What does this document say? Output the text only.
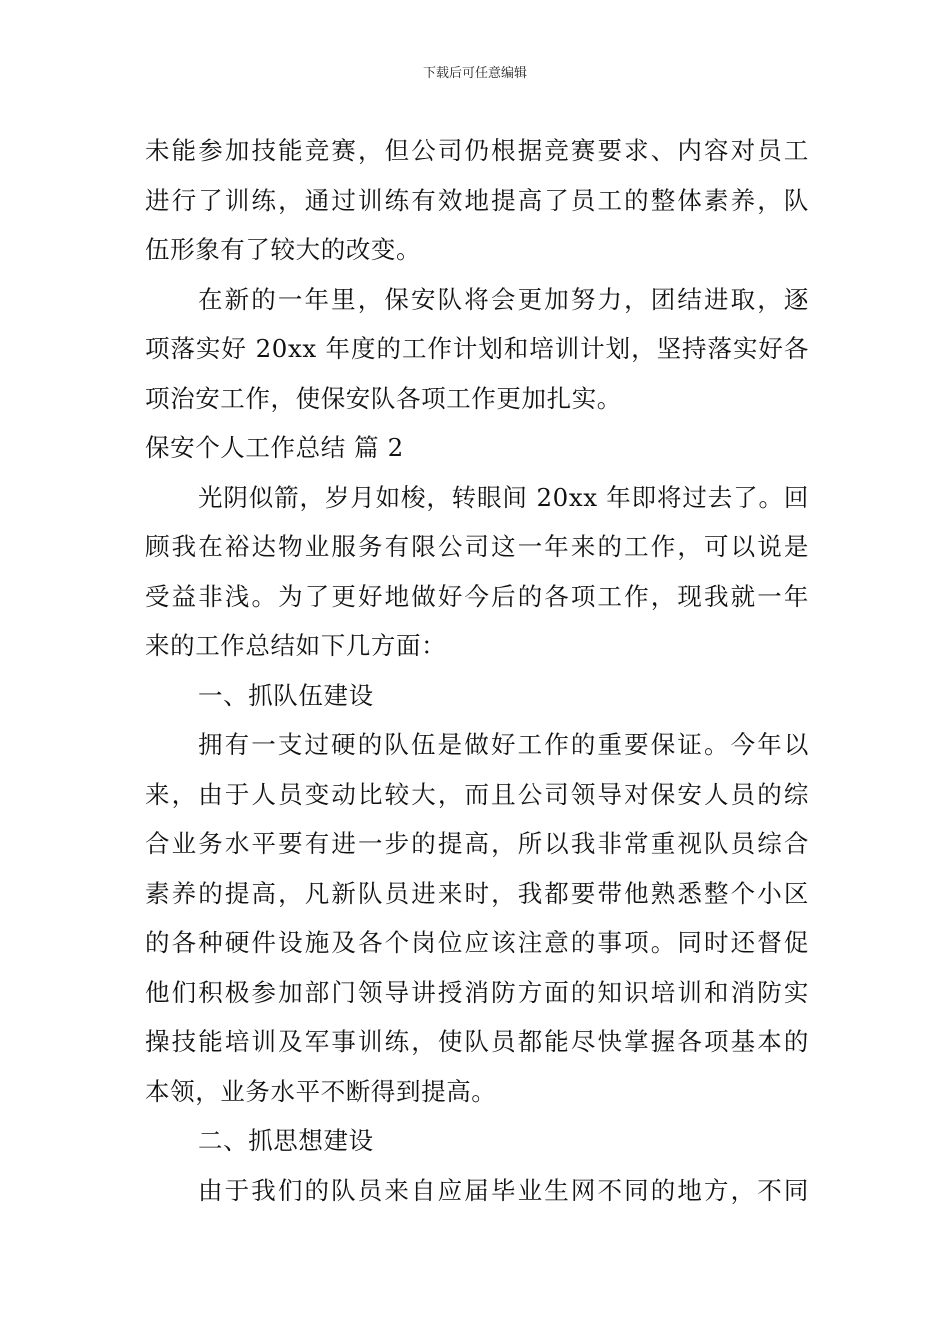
下载后可任意编辑

未能参加技能竞赛，但公司仍根据竞赛要求、内容对员工

进行了训练，通过训练有效地提高了员工的整体素养，队

伍形象有了较大的改变。

在新的一年里，保安队将会更加努力，团结进取，逐

项落实好 20xx 年度的工作计划和培训计划，坚持落实好各

项治安工作，使保安队各项工作更加扎实。

保安个人工作总结 篇 2

光阴似箭，岁月如梭，转眼间 20xx 年即将过去了。回

顾我在裕达物业服务有限公司这一年来的工作，可以说是

受益非浅。为了更好地做好今后的各项工作，现我就一年

来的工作总结如下几方面：

一、抓队伍建设

拥有一支过硬的队伍是做好工作的重要保证。今年以

来，由于人员变动比较大，而且公司领导对保安人员的综

合业务水平要有进一步的提高，所以我非常重视队员综合

素养的提高，凡新队员进来时，我都要带他熟悉整个小区

的各种硬件设施及各个岗位应该注意的事项。同时还督促

他们积极参加部门领导讲授消防方面的知识培训和消防实

操技能培训及军事训练，使队员都能尽快掌握各项基本的

本领，业务水平不断得到提高。

二、抓思想建设

由于我们的队员来自应届毕业生网不同的地方，不同
